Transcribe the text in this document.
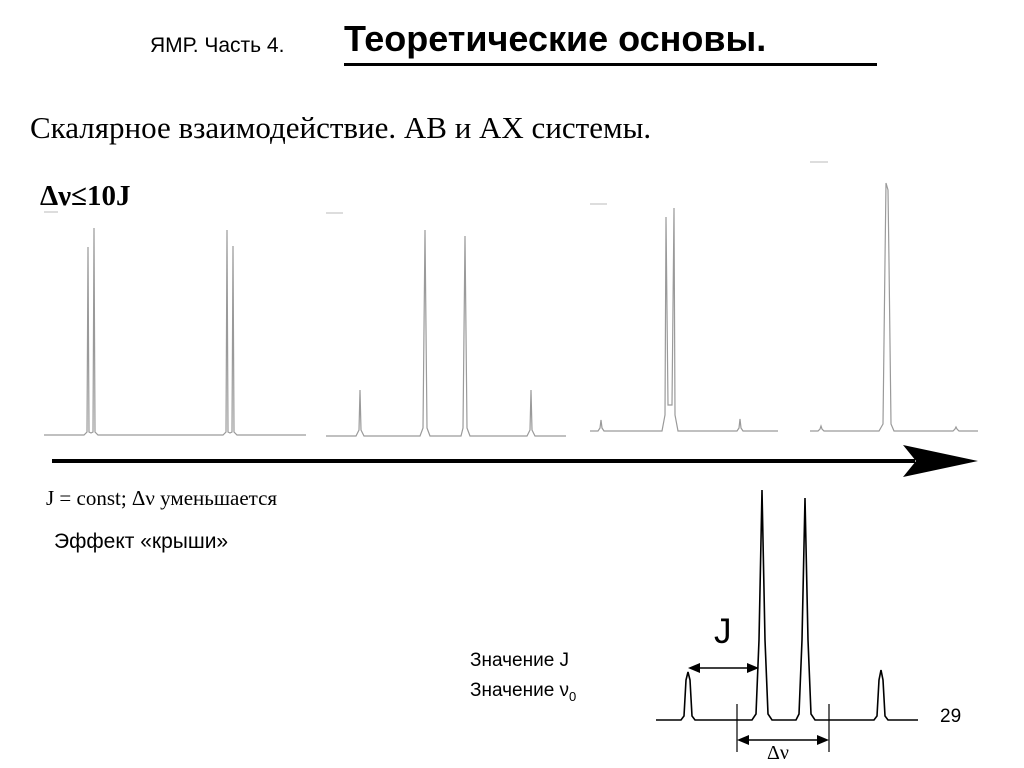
ЯМР. Часть 4. Теоретические основы.
Скалярное взаимодействие. AB и AX системы.
Δν≤10J
J = const; Δν уменьшается
Эффект «крыши»
Значение J
Значение $\nu_0$
J
Δν
29
